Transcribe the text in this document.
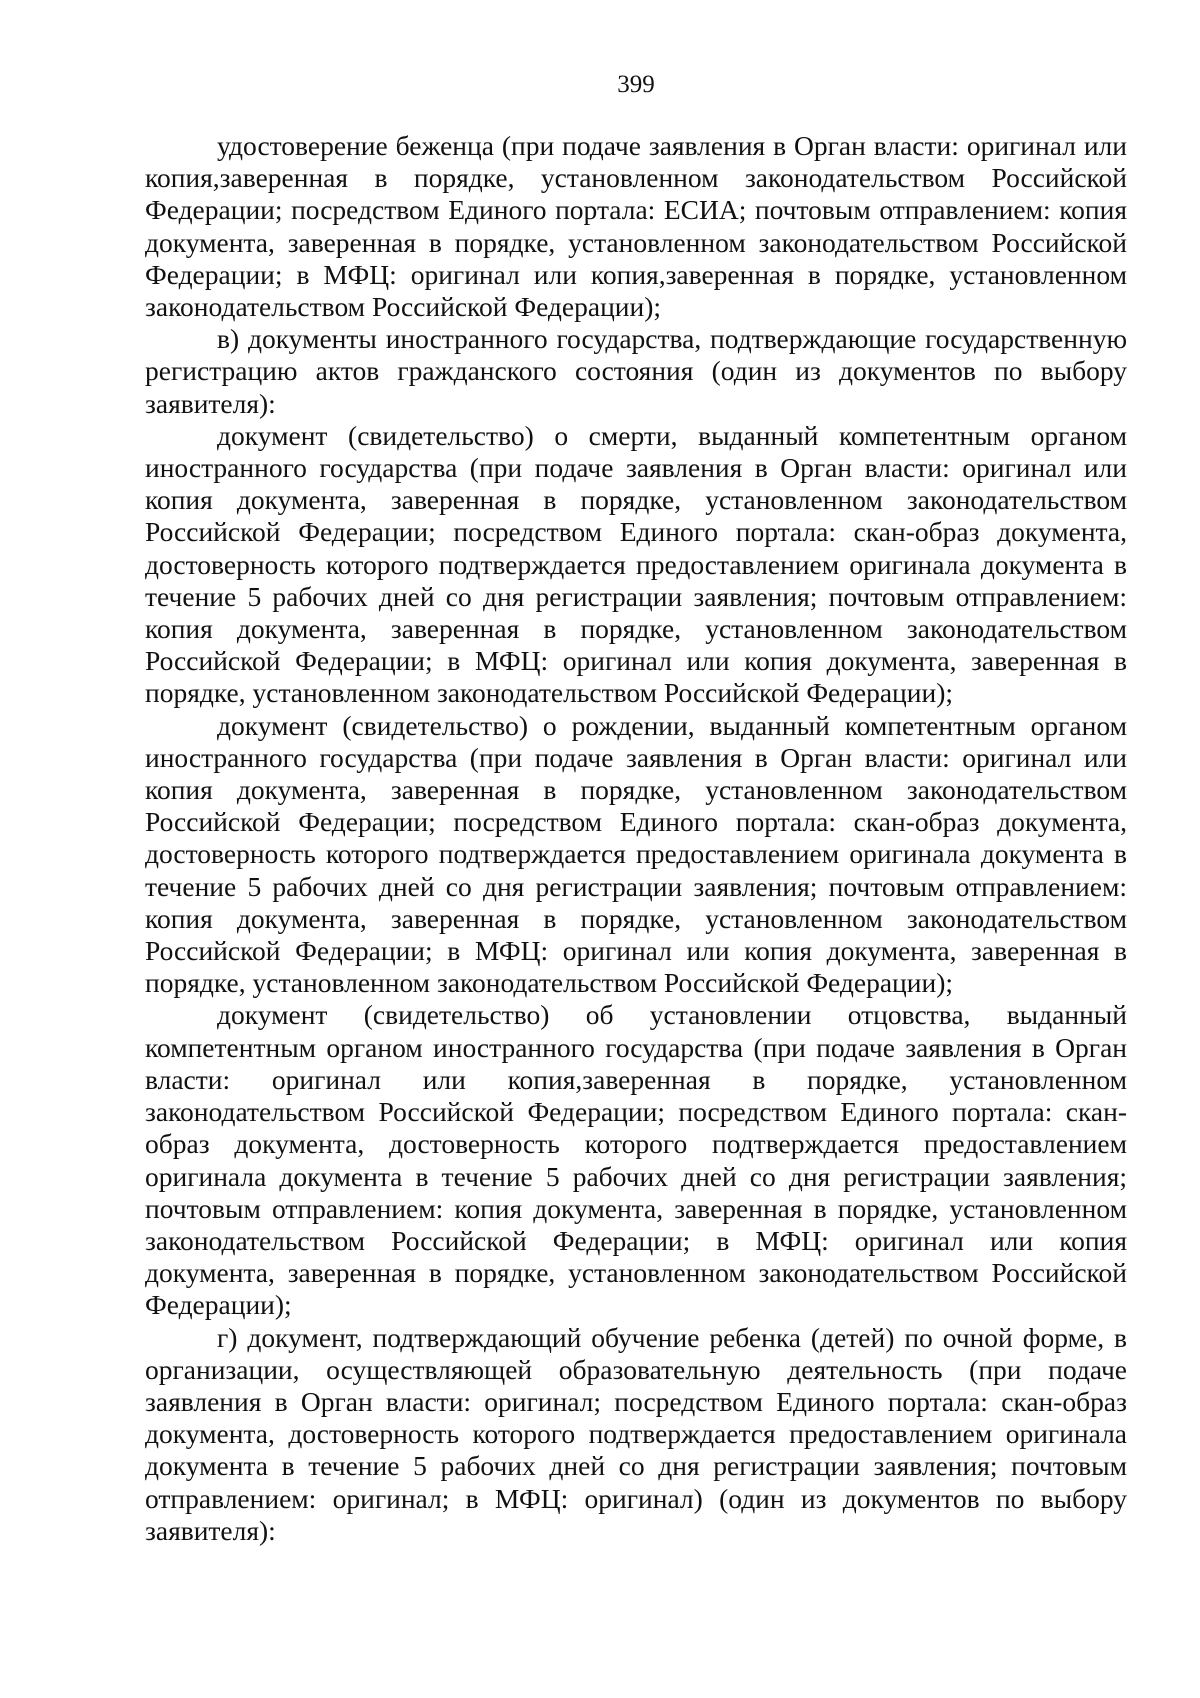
399

удостоверение беженца (при подаче заявления в Орган власти: оригинал или копия,заверенная в порядке, установленном законодательством Российской Федерации; посредством Единого портала: ЕСИА; почтовым отправлением: копия документа, заверенная в порядке, установленном законодательством Российской Федерации; в МФЦ: оригинал или копия,заверенная в порядке, установленном законодательством Российской Федерации);

в) документы иностранного государства, подтверждающие государственную регистрацию актов гражданского состояния (один из документов по выбору заявителя):

документ (свидетельство) о смерти, выданный компетентным органом иностранного государства (при подаче заявления в Орган власти: оригинал или копия документа, заверенная в порядке, установленном законодательством Российской Федерации; посредством Единого портала: скан-образ документа, достоверность которого подтверждается предоставлением оригинала документа в течение 5 рабочих дней со дня регистрации заявления; почтовым отправлением: копия документа, заверенная в порядке, установленном законодательством Российской Федерации; в МФЦ: оригинал или копия документа, заверенная в порядке, установленном законодательством Российской Федерации);

документ (свидетельство) о рождении, выданный компетентным органом иностранного государства (при подаче заявления в Орган власти: оригинал или копия документа, заверенная в порядке, установленном законодательством Российской Федерации; посредством Единого портала: скан-образ документа, достоверность которого подтверждается предоставлением оригинала документа в течение 5 рабочих дней со дня регистрации заявления; почтовым отправлением: копия документа, заверенная в порядке, установленном законодательством Российской Федерации; в МФЦ: оригинал или копия документа, заверенная в порядке, установленном законодательством Российской Федерации);

документ (свидетельство) об установлении отцовства, выданный компетентным органом иностранного государства (при подаче заявления в Орган власти: оригинал или копия,заверенная в порядке, установленном законодательством Российской Федерации; посредством Единого портала: скан-образ документа, достоверность которого подтверждается предоставлением оригинала документа в течение 5 рабочих дней со дня регистрации заявления; почтовым отправлением: копия документа, заверенная в порядке, установленном законодательством Российской Федерации; в МФЦ: оригинал или копия документа, заверенная в порядке, установленном законодательством Российской Федерации);

г) документ, подтверждающий обучение ребенка (детей) по очной форме, в организации, осуществляющей образовательную деятельность (при подаче заявления в Орган власти: оригинал; посредством Единого портала: скан-образ документа, достоверность которого подтверждается предоставлением оригинала документа в течение 5 рабочих дней со дня регистрации заявления; почтовым отправлением: оригинал; в МФЦ: оригинал) (один из документов по выбору заявителя):
